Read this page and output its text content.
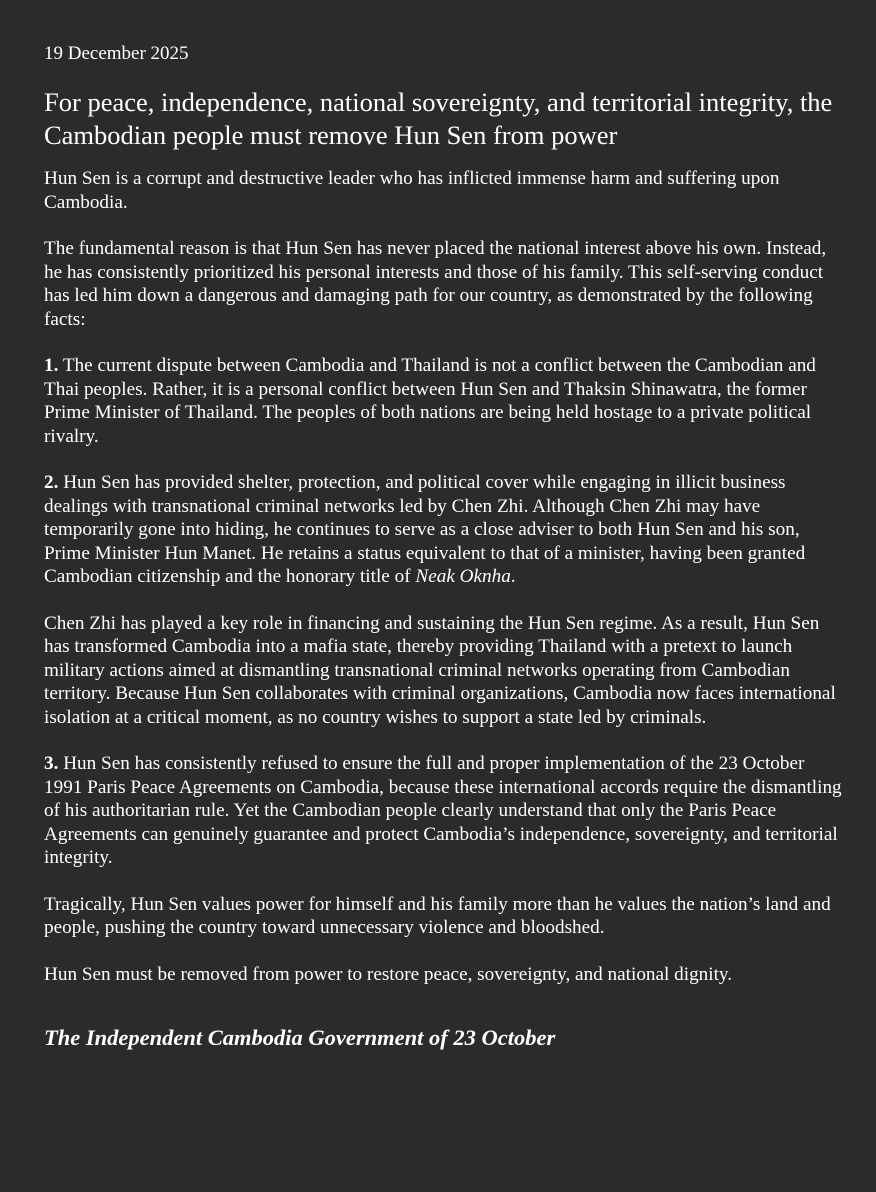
19 December 2025
For peace, independence, national sovereignty, and territorial integrity, the Cambodian people must remove Hun Sen from power

Hun Sen is a corrupt and destructive leader who has inflicted immense harm and suffering upon Cambodia.

The fundamental reason is that Hun Sen has never placed the national interest above his own. Instead, he has consistently prioritized his personal interests and those of his family. This self-serving conduct has led him down a dangerous and damaging path for our country, as demonstrated by the following facts:

1. The current dispute between Cambodia and Thailand is not a conflict between the Cambodian and Thai peoples. Rather, it is a personal conflict between Hun Sen and Thaksin Shinawatra, the former Prime Minister of Thailand. The peoples of both nations are being held hostage to a private political rivalry.

2. Hun Sen has provided shelter, protection, and political cover while engaging in illicit business dealings with transnational criminal networks led by Chen Zhi. Although Chen Zhi may have temporarily gone into hiding, he continues to serve as a close adviser to both Hun Sen and his son, Prime Minister Hun Manet. He retains a status equivalent to that of a minister, having been granted Cambodian citizenship and the honorary title of Neak Oknha.

Chen Zhi has played a key role in financing and sustaining the Hun Sen regime. As a result, Hun Sen has transformed Cambodia into a mafia state, thereby providing Thailand with a pretext to launch military actions aimed at dismantling transnational criminal networks operating from Cambodian territory. Because Hun Sen collaborates with criminal organizations, Cambodia now faces international isolation at a critical moment, as no country wishes to support a state led by criminals.

3. Hun Sen has consistently refused to ensure the full and proper implementation of the 23 October 1991 Paris Peace Agreements on Cambodia, because these international accords require the dismantling of his authoritarian rule. Yet the Cambodian people clearly understand that only the Paris Peace Agreements can genuinely guarantee and protect Cambodia’s independence, sovereignty, and territorial integrity.

Tragically, Hun Sen values power for himself and his family more than he values the nation’s land and people, pushing the country toward unnecessary violence and bloodshed.

Hun Sen must be removed from power to restore peace, sovereignty, and national dignity.

The Independent Cambodia Government of 23 October
